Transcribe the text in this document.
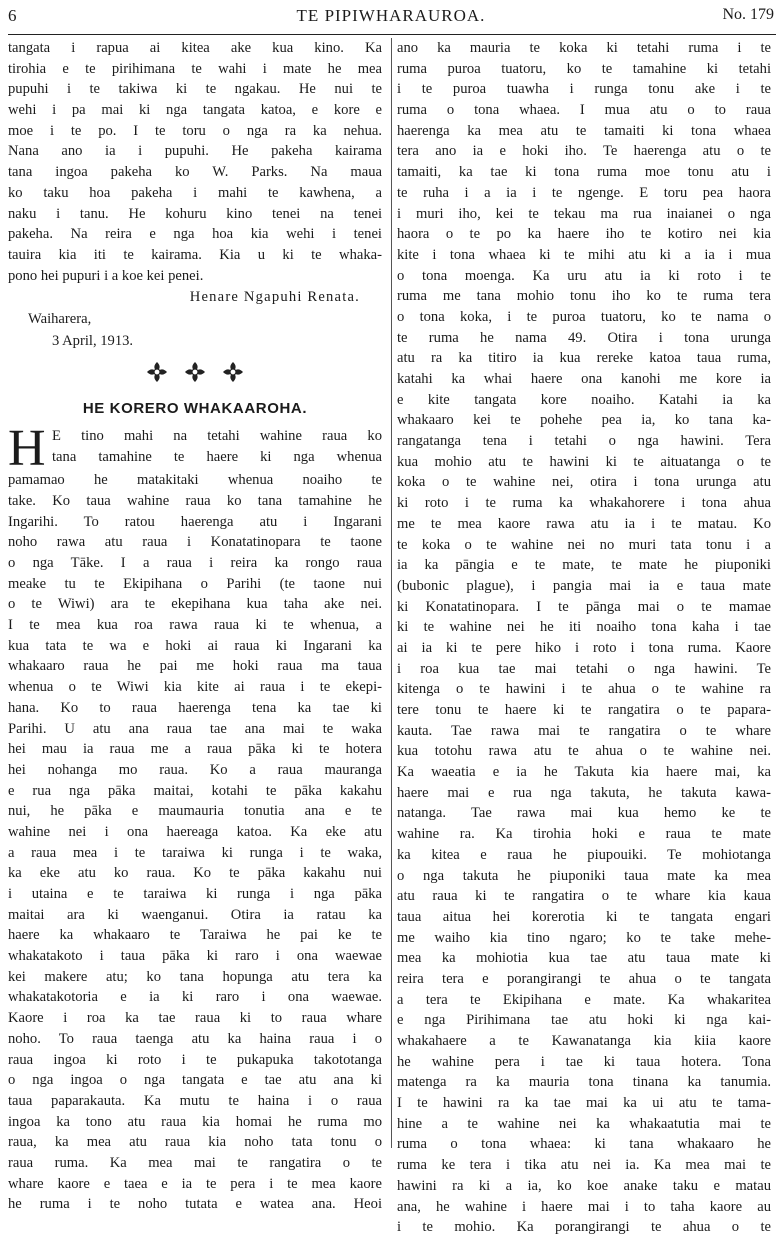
6	TE PIPIWHARAUROA.	No. 179
tangata i rapua ai kitea ake kua kino. Ka
tirohia e te pirihimana te wahi i mate he mea
pupuhi i te takiwa ki te ngakau. He nui te
wehi i pa mai ki nga tangata katoa, e kore e
moe i te po. I te toru o nga ra ka nehua.
Nana ano ia i pupuhi. He pakeha kairama
tana ingoa pakeha ko W. Parks. Na maua
ko taku hoa pakeha i mahi te kawhena, a
naku i tanu. He kohuru kino tenei na tenei
pakeha. Na reira e nga hoa kia wehi i tenei
tauira kia iti te kairama. Kia u ki te whaka-
pono hei pupuri i a koe kei penei.
Henare Ngapuhi Renata.
Waiharera,
3 April, 1913.
HE KORERO WHAKAAROHA.
H E tino mahi na tetahi wahine raua ko
tana tamahine te haere ki nga whenua
pamamao he matakitaki whenua noaiho te
take. Ko taua wahine raua ko tana tamahine he
Ingarihi. To ratou haerenga atu i Ingarani
noho rawa atu raua i Konatatinopara te taone
o nga Tāke. I a raua i reira ka rongo raua
meake tu te Ekipihana o Parihi (te taone nui
o te Wiwi) ara te ekepihana kua taha ake nei.
I te mea kua roa rawa raua ki te whenua, a
kua tata te wa e hoki ai raua ki Ingarani ka
whakaaro raua he pai me hoki raua ma taua
whenua o te Wiwi kia kite ai raua i te ekepi-
hana. Ko to raua haerenga tena ka tae ki
Parihi. U atu ana raua tae ana mai te waka
hei mau ia raua me a raua pāka ki te hotera
hei nohanga mo raua. Ko a raua mauranga
e rua nga pāka maitai, kotahi te pāka kakahu
nui, he pāka e maumauria tonutia ana e te
wahine nei i ona haereaga katoa. Ka eke atu
a raua mea i te taraiwa ki runga i te waka,
ka eke atu ko raua. Ko te pāka kakahu nui
i utaina e te taraiwa ki runga i nga pāka
maitai ara ki waenganui. Otira ia ratau ka
haere ka whakaaro te Taraiwa he pai ke te
whakatakoto i taua pāka ki raro i ona waewae
kei makere atu; ko tana hopunga atu tera ka
whakatakotoria e ia ki raro i ona waewae.
Kaore i roa ka tae raua ki to raua whare
noho. To raua taenga atu ka haina raua i o
raua ingoa ki roto i te pukapuka takototanga
o nga ingoa o nga tangata e tae atu ana ki
taua paparakauta. Ka mutu te haina i o raua
ingoa ka tono atu raua kia homai he ruma mo
raua, ka mea atu raua kia noho tata tonu o
raua ruma. Ka mea mai te rangatira o te
whare kaore e taea e ia te pera i te mea kaore
he ruma i te noho tutata e watea ana. Heoi
ano ka mauria te koka ki tetahi ruma i te
ruma puroa tuatoru, ko te tamahine ki tetahi
i te puroa tuawha i runga tonu ake i te
ruma o tona whaea. I mua atu o to raua
haerenga ka mea atu te tamaiti ki tona whaea
tera ano ia e hoki iho. Te haerenga atu o te
tamaiti, ka tae ki tona ruma moe tonu atu i
te ruha i a ia i te ngenge. E toru pea haora
i muri iho, kei te tekau ma rua inaianei o nga
haora o te po ka haere iho te kotiro nei kia
kite i tona whaea ki te mihi atu ki a ia i mua
o tona moenga. Ka uru atu ia ki roto i te
ruma me tana mohio tonu iho ko te ruma tera
o tona koka, i te puroa tuatoru, ko te nama o
te ruma he nama 49. Otira i tona urunga
atu ra ka titiro ia kua rereke katoa taua ruma,
katahi ka whai haere ona kanohi me kore ia
e kite tangata kore noaiho. Katahi ia ka
whakaaro kei te pohehe pea ia, ko tana ka-
rangatanga tena i tetahi o nga hawini. Tera
kua mohio atu te hawini ki te aituatanga o te
koka o te wahine nei, otira i tona urunga atu
ki roto i te ruma ka whakahorere i tona ahua
me te mea kaore rawa atu ia i te matau. Ko
te koka o te wahine nei no muri tata tonu i a
ia ka pāngia e te mate, te mate he piuponiki
(bubonic plague), i pangia mai ia e taua mate
ki Konatatinopara. I te pānga mai o te mamae
ki te wahine nei he iti noaiho tona kaha i tae
ai ia ki te pere hiko i roto i tona ruma. Kaore
i roa kua tae mai tetahi o nga hawini. Te
kitenga o te hawini i te ahua o te wahine ra
tere tonu te haere ki te rangatira o te papara-
kauta. Tae rawa mai te rangatira o te whare
kua totohu rawa atu te ahua o te wahine nei.
Ka waeatia e ia he Takuta kia haere mai, ka
haere mai e rua nga takuta, he takuta kawa-
natanga. Tae rawa mai kua hemo ke te
wahine ra. Ka tirohia hoki e raua te mate
ka kitea e raua he piupouiki. Te mohiotanga
o nga takuta he piuponiki taua mate ka mea
atu raua ki te rangatira o te whare kia kaua
taua aitua hei korerotia ki te tangata engari
me waiho kia tino ngaro; ko te take mehe-
mea ka mohiotia kua tae atu taua mate ki
reira tera e porangirangi te ahua o te tangata
a tera te Ekipihana e mate. Ka whakaritea
e nga Pirihimana tae atu hoki ki nga kai-
whakahaere a te Kawanatanga kia kiia kaore
he wahine pera i tae ki taua hotera. Tona
matenga ra ka mauria tona tinana ka tanumia.
I te hawini ra ka tae mai ka ui atu te tama-
hine a te wahine nei ka whakaatutia mai te
ruma o tona whaea: ki tana whakaaro he
ruma ke tera i tika atu nei ia. Ka mea mai te
hawini ra ki a ia, ko koe anake taku e matau
ana, he wahine i haere mai i to taha kaore au
i te mohio. Ka porangirangi te ahua o te
